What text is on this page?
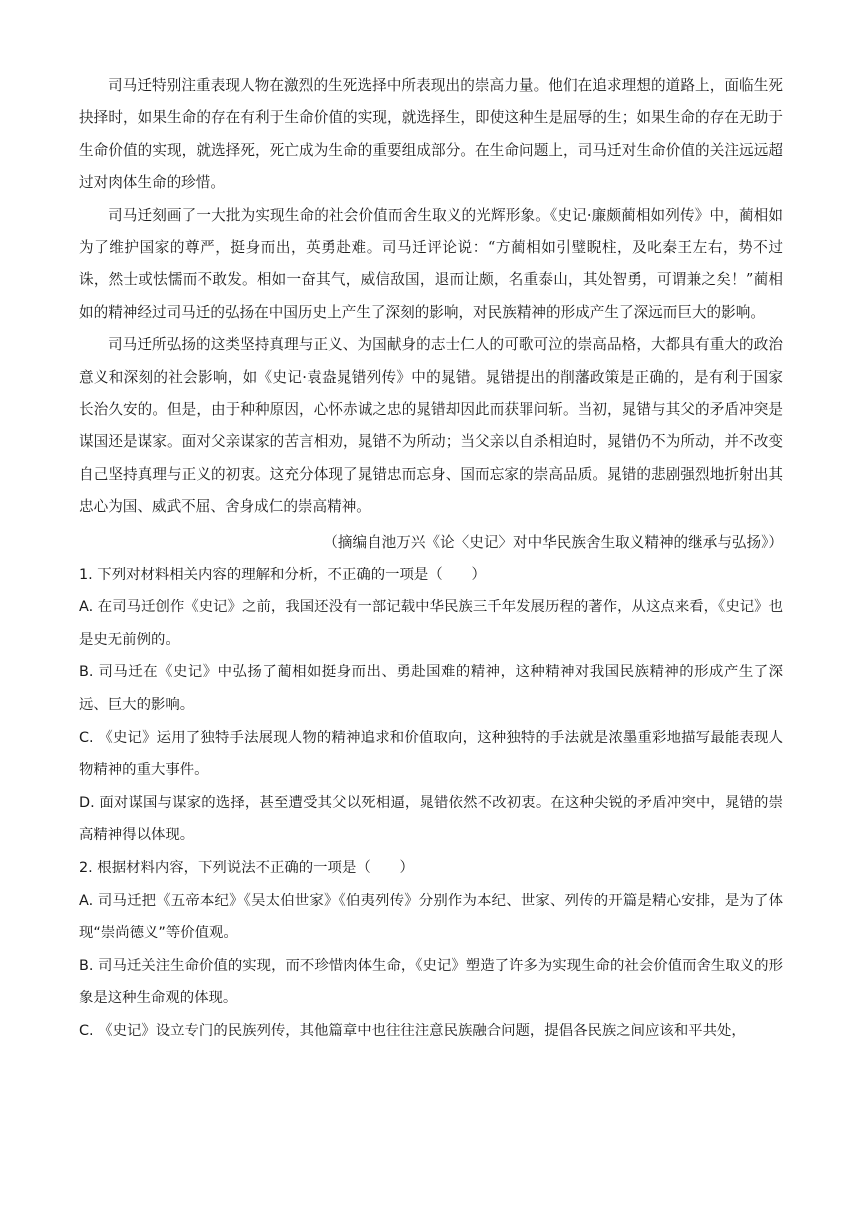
司马迁特别注重表现人物在激烈的生死选择中所表现出的崇高力量。他们在追求理想的道路上，面临生死抉择时，如果生命的存在有利于生命价值的实现，就选择生，即使这种生是屈辱的生；如果生命的存在无助于生命价值的实现，就选择死，死亡成为生命的重要组成部分。在生命问题上，司马迁对生命价值的关注远远超过对肉体生命的珍惜。
司马迁刻画了一大批为实现生命的社会价值而舍生取义的光辉形象。《史记·廉颇蔺相如列传》中，蔺相如为了维护国家的尊严，挺身而出，英勇赴难。司马迁评论说：“方蔺相如引璧睨柱，及叱秦王左右，势不过诛，然士或怯懦而不敢发。相如一奋其气，威信敌国，退而让颇，名重泰山，其处智勇，可谓兼之矣！”蔺相如的精神经过司马迁的弘扬在中国历史上产生了深刻的影响，对民族精神的形成产生了深远而巨大的影响。
司马迁所弘扬的这类坚持真理与正义、为国献身的志士仁人的可歌可泣的崇高品格，大都具有重大的政治意义和深刻的社会影响，如《史记·袁盎晁错列传》中的晁错。晁错提出的削藩政策是正确的，是有利于国家长治久安的。但是，由于种种原因，心怀赤诚之忠的晁错却因此而获罪问斩。当初，晁错与其父的矛盾冲突是谋国还是谋家。面对父亲谋家的苦言相劝，晁错不为所动；当父亲以自杀相迫时，晁错仍不为所动，并不改变自己坚持真理与正义的初衷。这充分体现了晁错忠而忘身、国而忘家的崇高品质。晁错的悲剧强烈地折射出其忠心为国、威武不屈、舍身成仁的崇高精神。
（摘编自池万兴《论〈史记〉对中华民族舍生取义精神的继承与弘扬》）
1. 下列对材料相关内容的理解和分析，不正确的一项是（　　）
A. 在司马迁创作《史记》之前，我国还没有一部记载中华民族三千年发展历程的著作，从这点来看，《史记》也是史无前例的。
B. 司马迁在《史记》中弘扬了蔺相如挺身而出、勇赴国难的精神，这种精神对我国民族精神的形成产生了深远、巨大的影响。
C. 《史记》运用了独特手法展现人物的精神追求和价值取向，这种独特的手法就是浓墨重彩地描写最能表现人物精神的重大事件。
D. 面对谋国与谋家的选择，甚至遭受其父以死相逼，晁错依然不改初衷。在这种尖锐的矛盾冲突中，晁错的崇高精神得以体现。
2. 根据材料内容，下列说法不正确的一项是（　　）
A. 司马迁把《五帝本纪》《吴太伯世家》《伯夷列传》分别作为本纪、世家、列传的开篇是精心安排，是为了体现“崇尚德义”等价值观。
B. 司马迁关注生命价值的实现，而不珍惜肉体生命，《史记》塑造了许多为实现生命的社会价值而舍生取义的形象是这种生命观的体现。
C. 《史记》设立专门的民族列传，其他篇章中也往往注意民族融合问题，提倡各民族之间应该和平共处，
